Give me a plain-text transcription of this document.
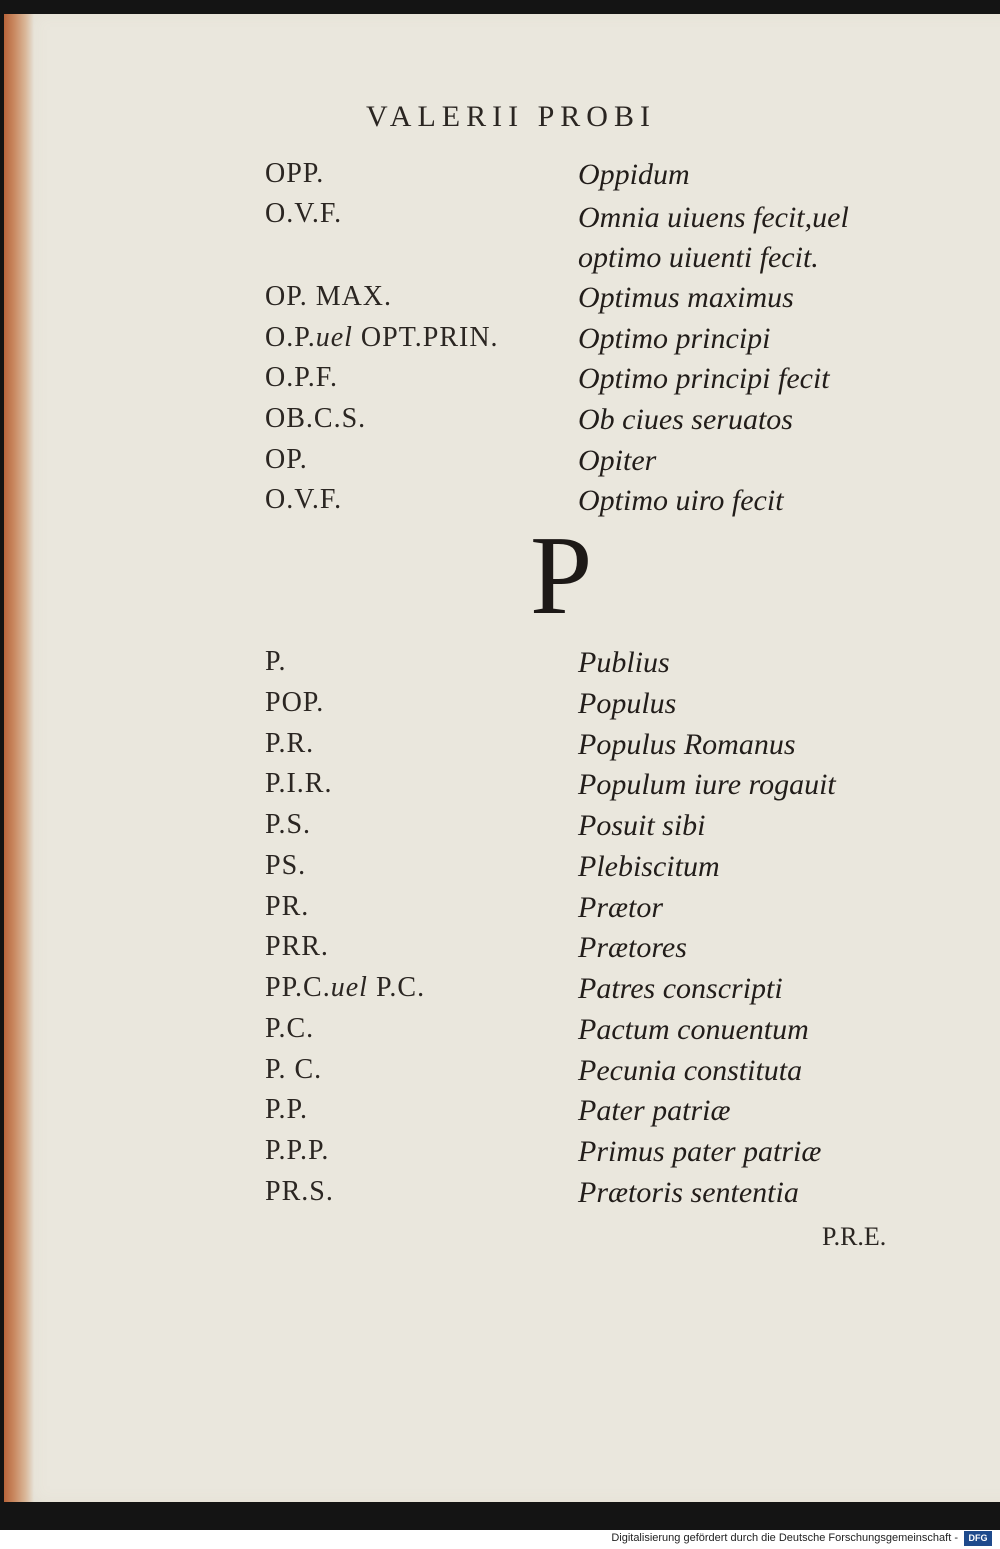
VALERII PROBI
OPP.	Oppidum
O.V.F.	Omnia uiuens fecit,uel optimo uiuenti fecit.
OP. MAX.	Optimus maximus
O.P.uel OPT.PRIN.	Optimo principi
O.P.F.	Optimo principi fecit
OB.C.S.	Ob ciues seruatos
OP.	Opiter
O.V.F.	Optimo uiro fecit
P
P.	Publius
POP.	Populus
P.R.	Populus Romanus
P.I.R.	Populum iure rogauit
P.S.	Posuit sibi
PS.	Plebiscitum
PR.	Prætor
PRR.	Prætores
PP.C.uel P.C.	Patres conscripti
P.C.	Pactum conuentum
P. C.	Pecunia constituta
P.P.	Pater patriæ
P.P.P.	Primus pater patriæ
PR.S.	Prætoris sententia
P.R.E.
Digitalisierung gefördert durch die Deutsche Forschungsgemeinschaft -	DFG
